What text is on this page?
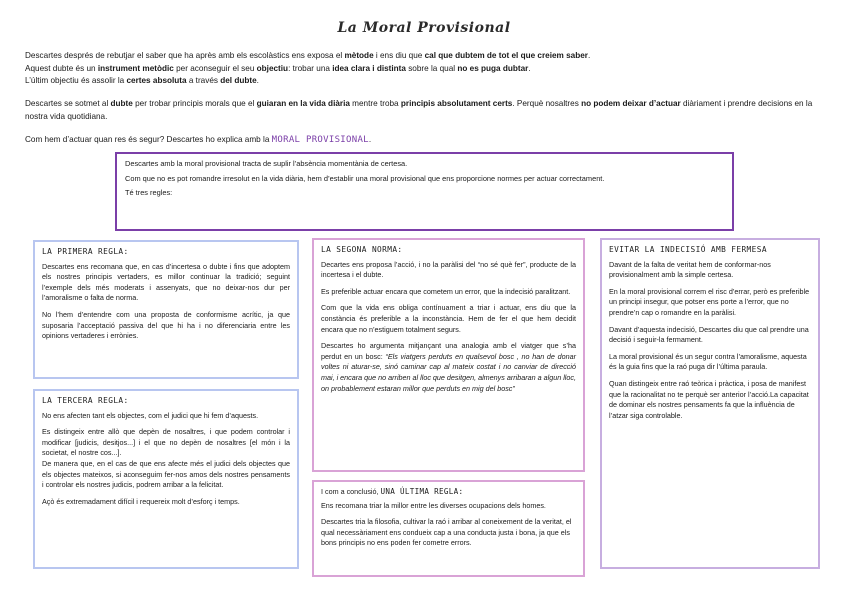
La Moral Provisional

Descartes després de rebutjar el saber que ha après amb els escolàstics ens exposa el mètode i ens diu que cal que dubtem de tot el que creiem saber.
Aquest dubte és un instrument metòdic per aconseguir el seu objectiu: trobar una idea clara i distinta sobre la qual no es puga dubtar.
L’últim objectiu és assolir la certes absoluta a través del dubte.

Descartes se sotmet al dubte per trobar principis morals que el guiaran en la vida diària mentre troba principis absolutament certs. Perquè nosaltres no podem deixar d’actuar diàriament i prendre decisions en la nostra vida quotidiana.

Com hem d’actuar quan res és segur? Descartes ho explica amb la MORAL PROVISIONAL.

Descartes amb la moral provisional tracta de suplir l’absència momentània de certesa.

Com que no es pot romandre irresolut en la vida diària, hem d’establir una moral provisional que ens proporcione normes per actuar correctament.

Té tres regles:

LA PRIMERA REGLA:

Descartes ens recomana que, en cas d’incertesa o dubte i fins que adoptem els nostres principis vertaders, es millor continuar la tradició; seguint l’exemple dels més moderats i assenyats, que no deixar-nos dur per l’amoralisme o falta de norma.

No l’hem d’entendre com una proposta de conformisme acrític, ja que suposaria l’acceptació passiva del que hi ha i no diferenciaria entre les opinions vertaderes i errònies.

LA TERCERA REGLA:

No ens afecten tant els objectes, com el judici que hi fem d’aquests.

Es distingeix entre allò que depèn de nosaltres, i que podem controlar i modificar [judicis, desitjos...] i el que no depèn de nosaltres [el món i la societat, el nostre cos...].

De manera que, en el cas de que ens afecte més el judici dels objectes que els objectes mateixos, si aconseguim fer-nos amos dels nostres pensaments i controlar els nostres judicis, podrem arribar a la felicitat.

Açò és extremadament difícil i requereix molt d’esforç i temps.

LA SEGONA NORMA:

Decartes ens proposa l’acció, i no la paràlisi del “no sé què fer”, producte de la incertesa i el dubte.

Es preferible actuar encara que cometem un error, que la indecisió paralitzant.

Com que la vida ens obliga contínuament a triar i actuar, ens diu que la constància és preferible a la inconstància. Hem de fer el que hem decidit encara que no n’estiguem totalment segurs.

Descartes ho argumenta mitjançant una analogia amb el viatger que s’ha perdut en un bosc: “Els viatgers perduts en qualsevol bosc , no han de donar voltes ni aturar-se, sinó caminar cap al mateix costat i no canviar de direcció mai, i encara que no arriben al lloc que desitgen, almenys arribaran a algun lloc, on probablement estaran millor que perduts en mig del bosc”

I com a conclusió, UNA ÚLTIMA REGLA:

Ens recomana triar la millor entre les diverses ocupacions dels homes.

Descartes tria la filosofia, cultivar la raó i arribar al coneixement de la veritat, el qual necessàriament ens condueix cap a una conducta justa i bona, ja que els bons principis no ens poden fer cometre errors.

EVITAR LA INDECISIÓ AMB FERMESA

Davant de la falta de veritat hem de conformar-nos provisionalment amb la simple certesa.

En la moral provisional correm el risc d’errar, però es preferible un principi insegur, que potser ens porte a l’error, que no prendre’n cap o romandre en la paràlisi.

Davant d’aquesta indecisió, Descartes diu que cal prendre una decisió i seguir-la fermament.

La moral provisional és un segur contra l’amoralisme, aquesta és la guia fins que la raó puga dir l’última paraula.

Quan distingeix entre raó teòrica i pràctica, i posa de manifest que la racionalitat no te perquè ser anterior l’acció.La capacitat de dominar els nostres pensaments fa que la influència de l’atzar siga controlable.
